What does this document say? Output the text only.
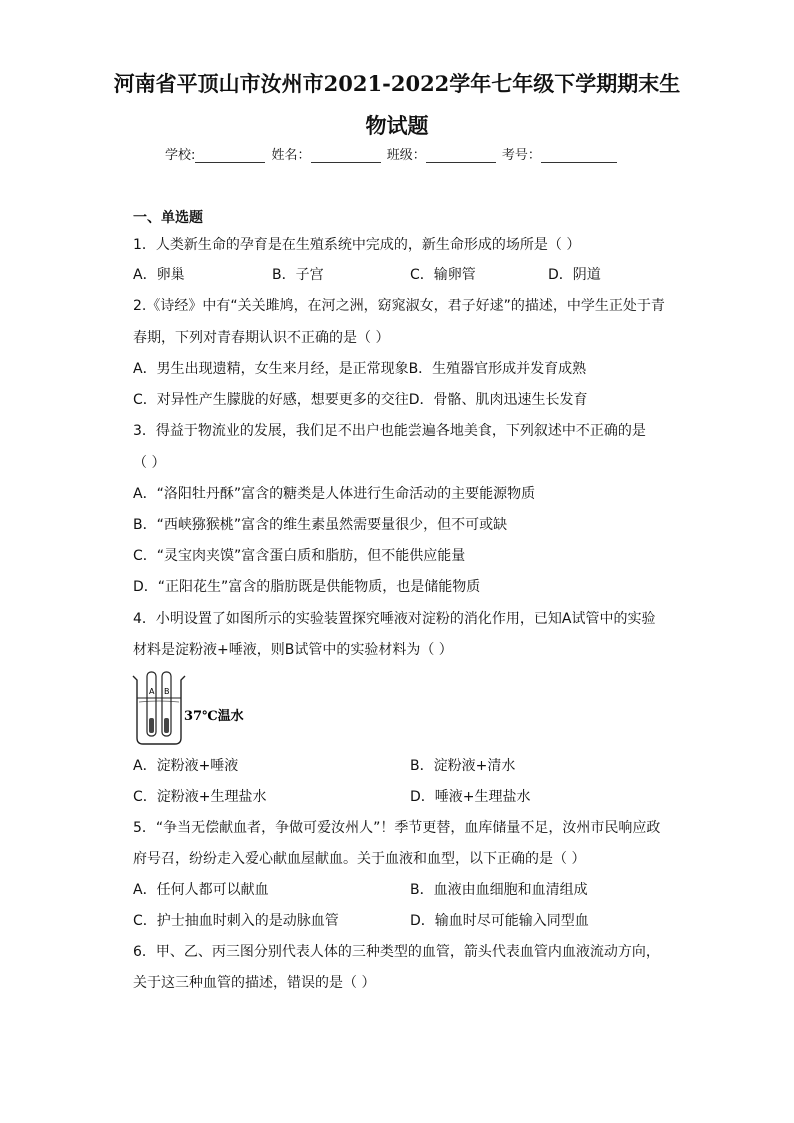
河南省平顶山市汝州市2021-2022学年七年级下学期期末生
物试题
学校:	姓名：	班级：	考号：
一、单选题
1．人类新生命的孕育是在生殖系统中完成的，新生命形成的场所是（ ）
A．卵巢	B．子宫	C．输卵管	D．阴道
2.《诗经》中有“关关雎鸠，在河之洲，窈窕淑女，君子好逑”的描述，中学生正处于青
春期，下列对青春期认识不正确的是（ ）
A．男生出现遗精，女生来月经，是正常现象B．生殖器官形成并发育成熟
C．对异性产生朦胧的好感，想要更多的交往D．骨骼、肌肉迅速生长发育
3．得益于物流业的发展，我们足不出户也能尝遍各地美食，下列叙述中不正确的是
（ ）
A．“洛阳牡丹酥”富含的糖类是人体进行生命活动的主要能源物质
B．“西峡猕猴桃”富含的维生素虽然需要量很少，但不可或缺
C．“灵宝肉夹馍”富含蛋白质和脂肪，但不能供应能量
D．“正阳花生”富含的脂肪既是供能物质，也是储能物质
4．小明设置了如图所示的实验装置探究唾液对淀粉的消化作用，已知A试管中的实验
材料是淀粉液+唾液，则B试管中的实验材料为（ ）
A B
37℃温水
A．淀粉液+唾液	B．淀粉液+清水
C．淀粉液+生理盐水	D．唾液+生理盐水
5．“争当无偿献血者，争做可爱汝州人”！季节更替，血库储量不足，汝州市民响应政
府号召，纷纷走入爱心献血屋献血。关于血液和血型，以下正确的是（ ）
A．任何人都可以献血	B．血液由血细胞和血清组成
C．护士抽血时刺入的是动脉血管	D．输血时尽可能输入同型血
6．甲、乙、丙三图分别代表人体的三种类型的血管，箭头代表血管内血液流动方向，
关于这三种血管的描述，错误的是（ ）
